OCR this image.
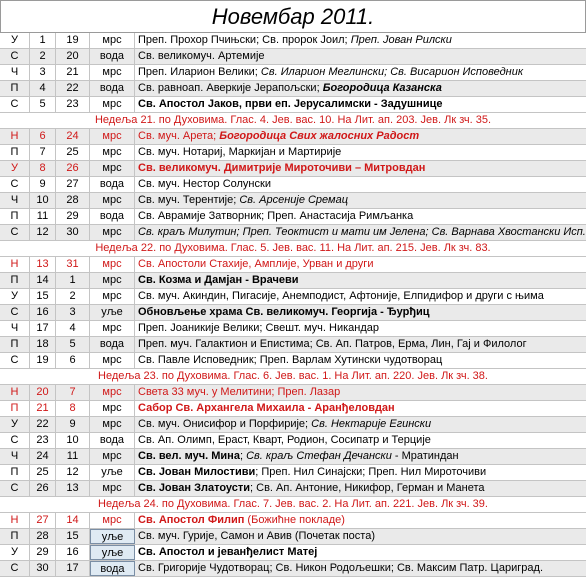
Новембар 2011.
У	1	19	мрс	Преп. Прохор Пчињски; Св. пророк Јоил; Преп. Јован Рилски
С	2	20	вода	Св. великомуч. Артемије
Ч	3	21	мрс	Преп. Иларион Велики; Св. Иларион Меглински; Св. Висарион Исповедник
П	4	22	вода	Св. равноап. Аверкије Јерапољски; Богородица Казанска
С	5	23	мрс	Св. Апостол Јаков, први еп. Јерусалимски - Задушнице
Недеља 21. по Духовима. Глас. 4. Јев. вас. 10. На Лит. ап. 203. Јев. Лк зч. 35.
Н	6	24	мрс	Св. муч. Арета; Богородица Свих жалосних Радост
П	7	25	мрс	Св. муч. Нотариј, Маркијан и Мартирије
У	8	26	мрс	Св. великомуч. Димитрије Мироточиви – Митровдан
С	9	27	вода	Св. муч. Нестор Солунски
Ч	10	28	мрс	Св. муч. Терентије; Св. Арсеније Сремац
П	11	29	вода	Св. Аврамије Затворник; Преп. Анастасија Римљанка
С	12	30	мрс	Св. краљ Милутин; Преп. Теоктист и мати им Јелена; Св. Варнава Хвостански Исп.
Недеља 22. по Духовима. Глас. 5. Јев. вас. 11. На Лит. ап. 215. Јев. Лк зч. 83.
Н	13	31	мрс	Св. Апостоли Стахије, Амплије, Урван и други
П	14	1	мрс	Св. Козма и Дамјан - Врачеви
У	15	2	мрс	Св. муч. Акиндин, Пигасије, Анемподист, Афтоније, Елпидифор и други с њима
С	16	3	уље	Обновљење храма Св. великомуч. Георгија - Ђурђиц
Ч	17	4	мрс	Преп. Јоаникије Велики; Свешт. муч. Никандар
П	18	5	вода	Преп. муч. Галактион и Епистима; Св. Ап. Патров, Ерма, Лин, Гај и Филолог
С	19	6	мрс	Св. Павле Исповедник; Преп. Варлам Хутински чудотворац
Недеља 23. по Духовима. Глас. 6. Јев. вас. 1. На Лит. ап. 220. Јев. Лк зч. 38.
Н	20	7	мрс	Света 33 муч. у Мелитини; Преп. Лазар
П	21	8	мрс	Сабор Св. Архангела Михаила - Аранђеловдан
У	22	9	мрс	Св. муч. Онисифор и Порфирије; Св. Нектарије Егински
С	23	10	вода	Св. Ап. Олимп, Ераст, Кварт, Родион, Сосипатр и Терције
Ч	24	11	мрс	Св. вел. муч. Мина; Св. краљ Стефан Дечански - Мратиндан
П	25	12	уље	Св. Јован Милостиви; Преп. Нил Синајски; Преп. Нил Мироточиви
С	26	13	мрс	Св. Јован Златоусти; Св. Ап. Антоние, Никифор, Герман и Манета
Недеља 24. по Духовима. Глас. 7. Јев. вас. 2. На Лит. ап. 221. Јев. Лк зч. 39.
Н	27	14	мрс	Св. Апостол Филип (Божићне покладе)
П	28	15	уље	Св. муч. Гурије, Самон и Авив (Почетак поста)
У	29	16	уље	Св. Апостол и јеванђелист Матеј
С	30	17	вода	Св. Григорије Чудотворац; Св. Никон Родољешки; Св. Максим Патр. Цариград.
